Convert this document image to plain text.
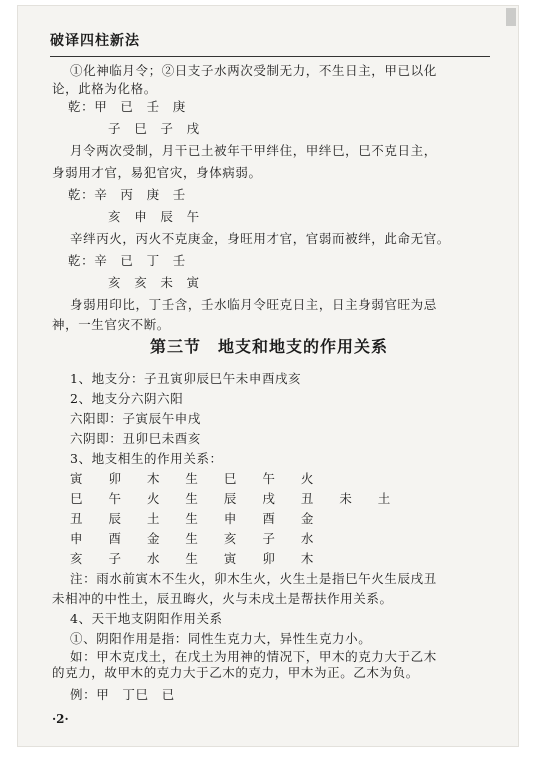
破译四柱新法
①化神临月令；②日支子水两次受制无力，不生日主，甲已以化
论，此格为化格。
乾：甲　已　壬　庚
子　巳　子　戌
月令两次受制，月干已土被年干甲绊住，甲绊巳，巳不克日主，
身弱用才官，易犯官灾，身体病弱。
乾：辛　丙　庚　壬
亥　申　辰　午
辛绊丙火，丙火不克庚金，身旺用才官，官弱而被绊，此命无官。
乾：辛　已　丁　壬
亥　亥　未　寅
身弱用印比，丁壬含，壬水临月令旺克日主，日主身弱官旺为忌
第三节　地支和地支的作用关系
1、地支分：子丑寅卯辰巳午未申酉戌亥
2、地支分六阴六阳
六阳即：子寅辰午申戌
六阴即：丑卯巳未酉亥
3、地支相生的作用关系：
寅 卯 木 生 巳 午 火
巳 午 火 生 辰 戌 丑 未 土
丑 辰 土 生 申 酉 金
申 酉 金 生 亥 子 水
亥 子 水 生 寅 卯 木
注：雨水前寅木不生火，卯木生火，火生土是指巳午火生辰戌丑
未相冲的中性土，辰丑晦火，火与未戌土是帮扶作用关系。
4、天干地支阴阳作用关系
①、阴阳作用是指：同性生克力大，异性生克力小。
如：甲木克戊土，在戊土为用神的情况下，甲木的克力大于乙木
·2·
神，一生官灾不断。
的克力，故甲木的克力大于乙木的克力，甲木为正。乙木为负。
例：甲　丁巳　已
